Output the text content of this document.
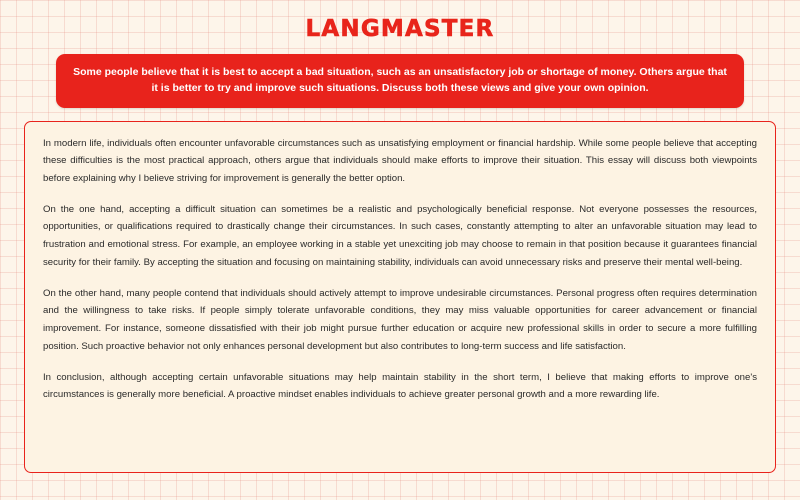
LANGMASTER
Some people believe that it is best to accept a bad situation, such as an unsatisfactory job or shortage of money. Others argue that it is better to try and improve such situations. Discuss both these views and give your own opinion.

In modern life, individuals often encounter unfavorable circumstances such as unsatisfying employment or financial hardship. While some people believe that accepting these difficulties is the most practical approach, others argue that individuals should make efforts to improve their situation. This essay will discuss both viewpoints before explaining why I believe striving for improvement is generally the better option.

On the one hand, accepting a difficult situation can sometimes be a realistic and psychologically beneficial response. Not everyone possesses the resources, opportunities, or qualifications required to drastically change their circumstances. In such cases, constantly attempting to alter an unfavorable situation may lead to frustration and emotional stress. For example, an employee working in a stable yet unexciting job may choose to remain in that position because it guarantees financial security for their family. By accepting the situation and focusing on maintaining stability, individuals can avoid unnecessary risks and preserve their mental well-being.

On the other hand, many people contend that individuals should actively attempt to improve undesirable circumstances. Personal progress often requires determination and the willingness to take risks. If people simply tolerate unfavorable conditions, they may miss valuable opportunities for career advancement or financial improvement. For instance, someone dissatisfied with their job might pursue further education or acquire new professional skills in order to secure a more fulfilling position. Such proactive behavior not only enhances personal development but also contributes to long-term success and life satisfaction.

In conclusion, although accepting certain unfavorable situations may help maintain stability in the short term, I believe that making efforts to improve one's circumstances is generally more beneficial. A proactive mindset enables individuals to achieve greater personal growth and a more rewarding life.
